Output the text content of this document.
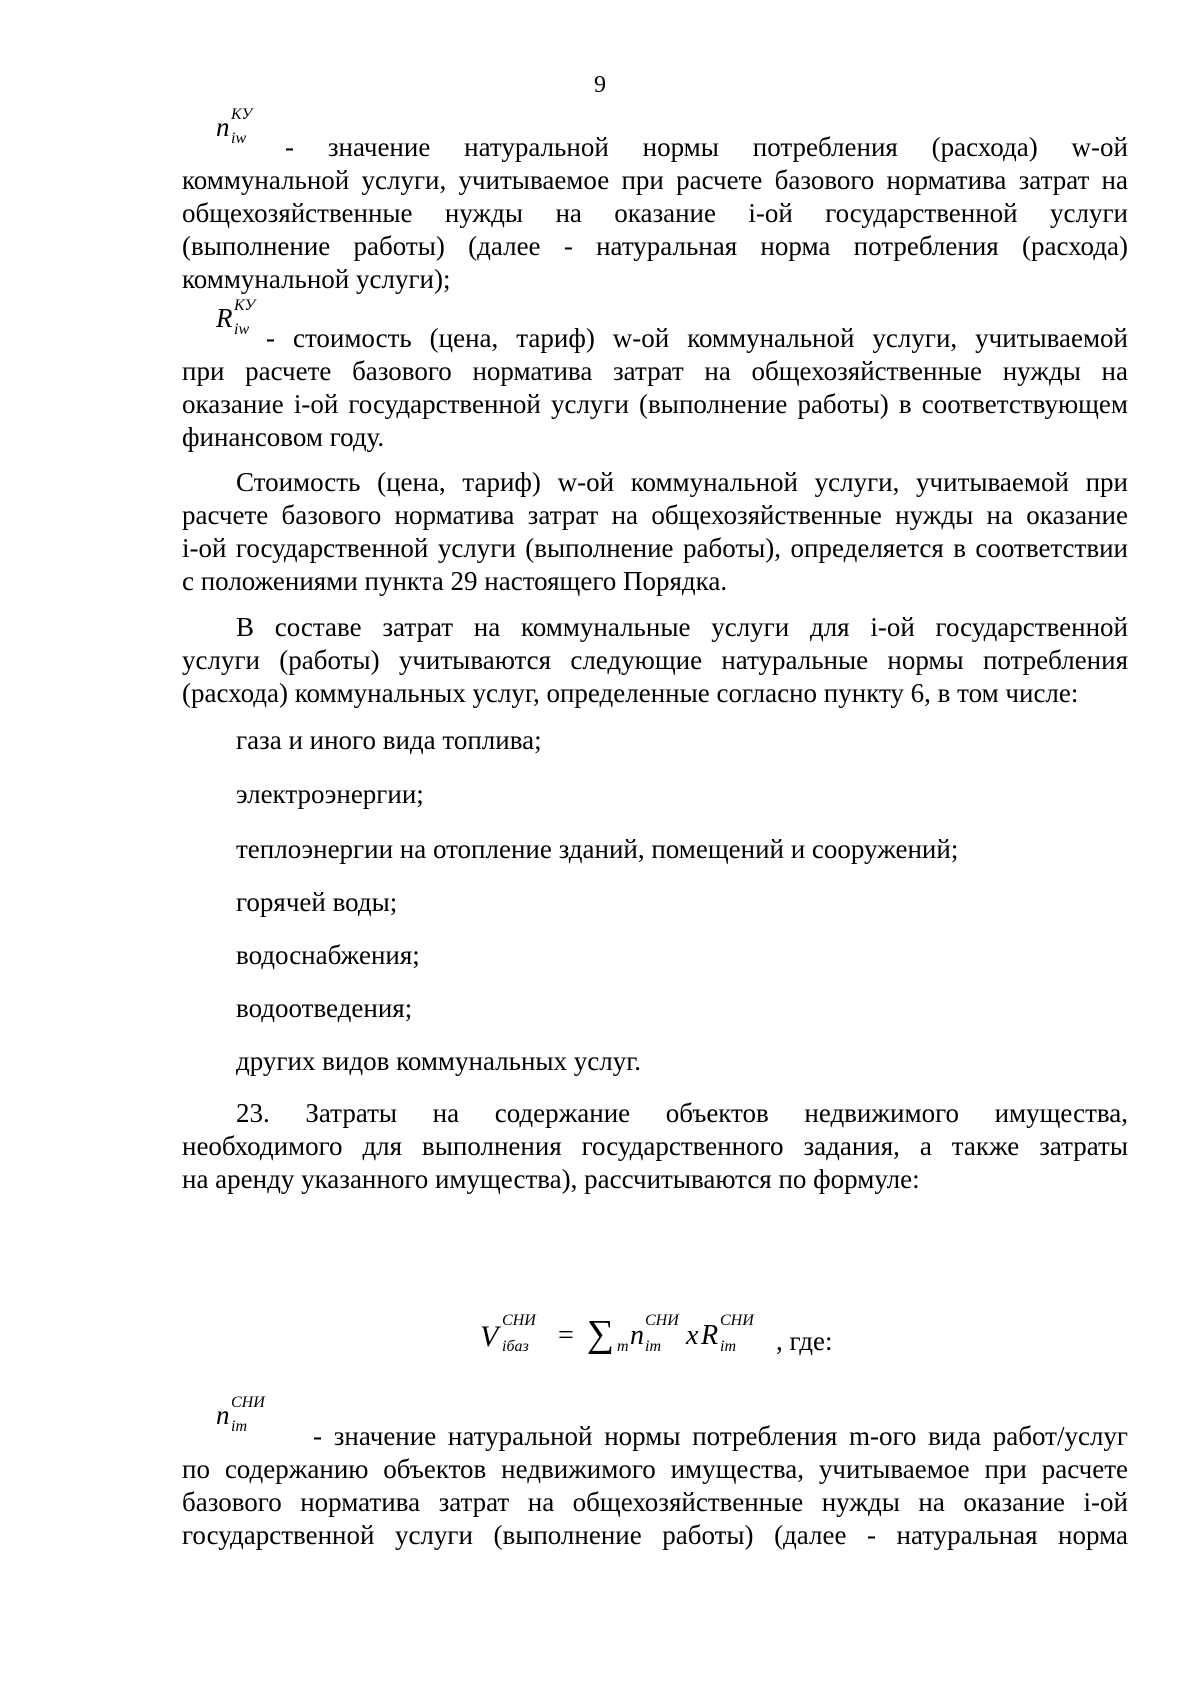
9
n КУ
iw - значение натуральной нормы потребления (расхода) w-ой
коммунальной услуги, учитываемое при расчете базового норматива затрат на
общехозяйственные нужды на оказание i-ой государственной услуги
(выполнение работы) (далее - натуральная норма потребления (расхода)
коммунальной услуги);
R КУ
iw - стоимость (цена, тариф) w-ой коммунальной услуги, учитываемой
при расчете базового норматива затрат на общехозяйственные нужды на
оказание i-ой государственной услуги (выполнение работы) в соответствующем
финансовом году.
Стоимость (цена, тариф) w-ой коммунальной услуги, учитываемой при
расчете базового норматива затрат на общехозяйственные нужды на оказание
i-ой государственной услуги (выполнение работы), определяется в соответствии
с положениями пункта 29 настоящего Порядка.
В составе затрат на коммунальные услуги для i-ой государственной
услуги (работы) учитываются следующие натуральные нормы потребления
(расхода) коммунальных услуг, определенные согласно пункту 6, в том числе:
газа и иного вида топлива;
электроэнергии;
теплоэнергии на отопление зданий, помещений и сооружений;
горячей воды;
водоснабжения;
водоотведения;
других видов коммунальных услуг.
23. Затраты на содержание объектов недвижимого имущества,
необходимого для выполнения государственного задания, а также затраты
на аренду указанного имущества), рассчитываются по формуле:
V СНИ
iбаз = ∑ m n СНИ
im x R СНИ
im , где:
n СНИ
im - значение натуральной нормы потребления m-ого вида работ/услуг
по содержанию объектов недвижимого имущества, учитываемое при расчете
базового норматива затрат на общехозяйственные нужды на оказание i-ой
государственной услуги (выполнение работы) (далее - натуральная норма
